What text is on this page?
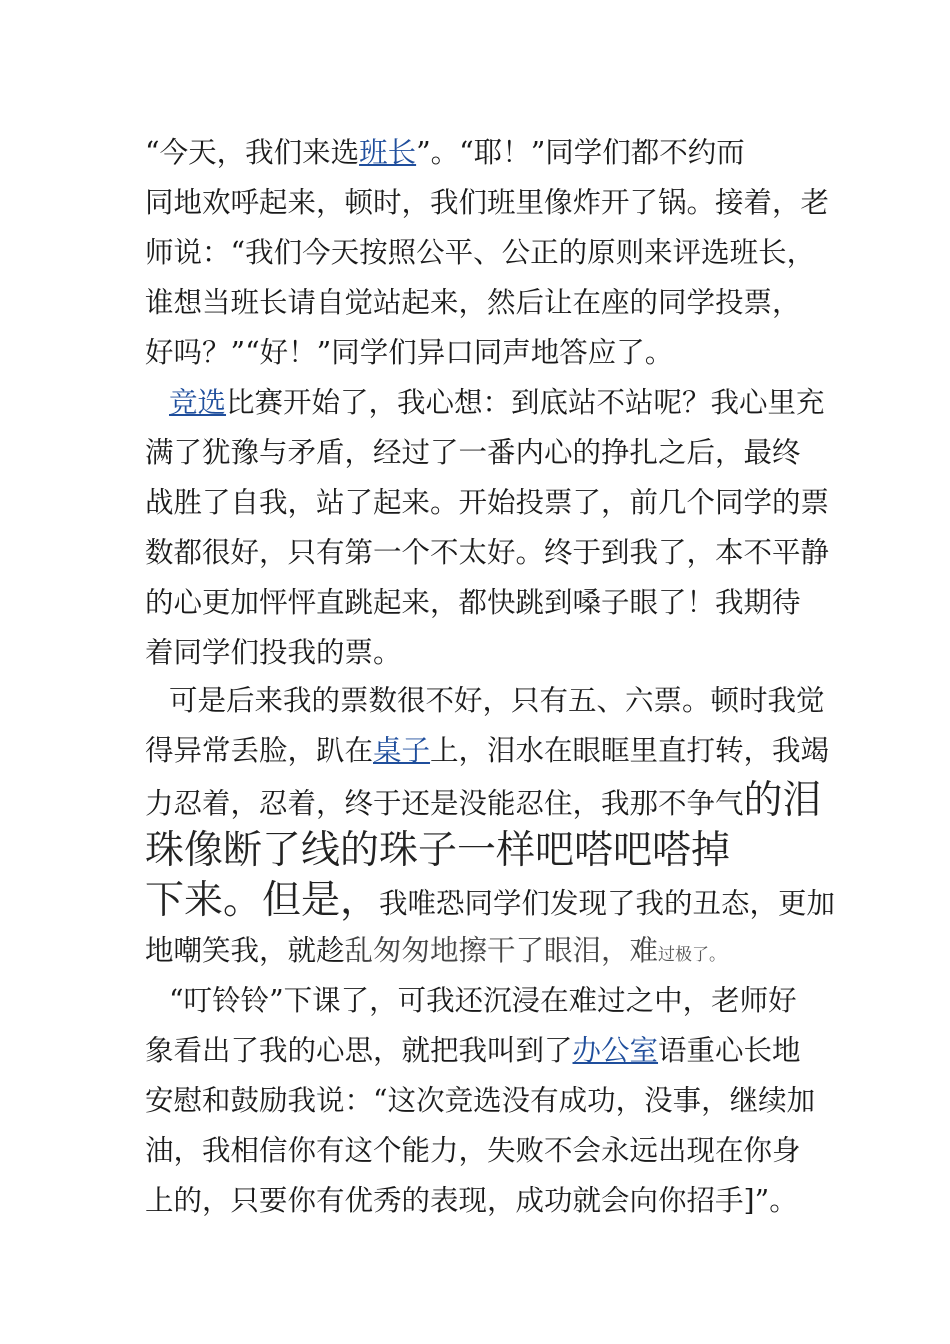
“今天，我们来选班长”。“耶！”同学们都不约而
同地欢呼起来，顿时，我们班里像炸开了锅。接着，老
师说：“我们今天按照公平、公正的原则来评选班长，
谁想当班长请自觉站起来，然后让在座的同学投票，
好吗？”“好！”同学们异口同声地答应了。
竞选比赛开始了，我心想：到底站不站呢？我心里充
满了犹豫与矛盾，经过了一番内心的挣扎之后，最终
战胜了自我，站了起来。开始投票了，前几个同学的票
数都很好，只有第一个不太好。终于到我了，本不平静
的心更加怦怦直跳起来，都快跳到嗓子眼了！我期待
着同学们投我的票。
可是后来我的票数很不好，只有五、六票。顿时我觉
得异常丢脸，趴在桌子上，泪水在眼眶里直打转，我竭
力忍着，忍着，终于还是没能忍住，我那不争气的泪
珠像断了线的珠子一样吧嗒吧嗒掉
下来。但是，我唯恐同学们发现了我的丑态，更加
地嘲笑我，就趁乱匆匆地擦干了眼泪，难过极了。
“叮铃铃”下课了，可我还沉浸在难过之中，老师好
象看出了我的心思，就把我叫到了办公室语重心长地
安慰和鼓励我说：“这次竞选没有成功，没事，继续加
油，我相信你有这个能力，失败不会永远出现在你身
上的，只要你有优秀的表现，成功就会向你招手]”。
